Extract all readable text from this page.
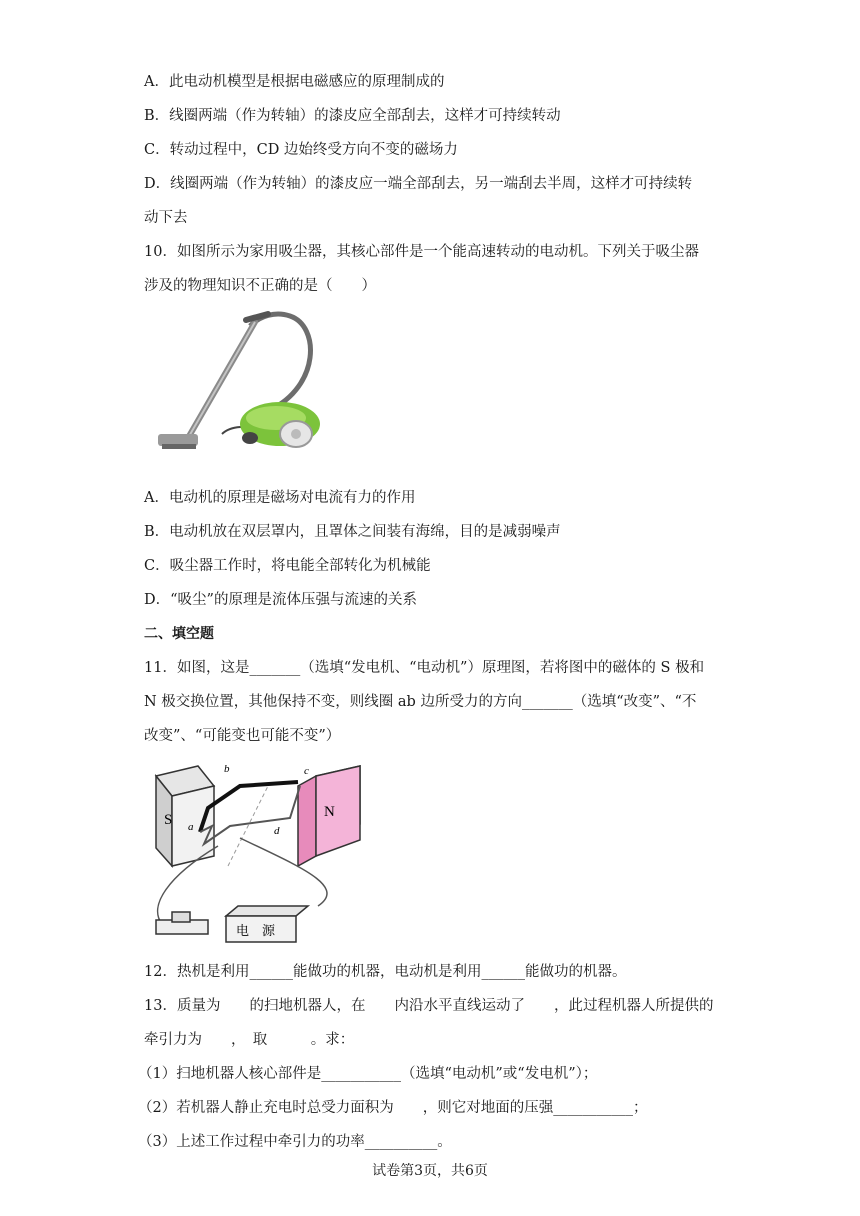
A．此电动机模型是根据电磁感应的原理制成的
B．线圈两端（作为转轴）的漆皮应全部刮去，这样才可持续转动
C．转动过程中，CD 边始终受方向不变的磁场力
D．线圈两端（作为转轴）的漆皮应一端全部刮去，另一端刮去半周，这样才可持续转
动下去
10．如图所示为家用吸尘器，其核心部件是一个能高速转动的电动机。下列关于吸尘器
涉及的物理知识不正确的是（　　）
A．电动机的原理是磁场对电流有力的作用
B．电动机放在双层罩内，且罩体之间装有海绵，目的是减弱噪声
C．吸尘器工作时，将电能全部转化为机械能
D．“吸尘”的原理是流体压强与流速的关系
二、填空题
11．如图，这是_______（选填“发电机、“电动机”）原理图，若将图中的磁体的 S 极和
N 极交换位置，其他保持不变，则线圈 ab 边所受力的方向_______（选填“改变”、“不
改变”、“可能变也可能不变”）
S	N
b	c
a	d
电　源
12．热机是利用______能做功的机器，电动机是利用______能做功的机器。
13．质量为　　的扫地机器人，在　　内沿水平直线运动了　　，此过程机器人所提供的
牵引力为　　，　取　　　。求：
（1）扫地机器人核心部件是___________（选填“电动机”或“发电机”）；
（2）若机器人静止充电时总受力面积为　　，则它对地面的压强___________；
（3）上述工作过程中牵引力的功率__________。
试卷第3页，共6页
